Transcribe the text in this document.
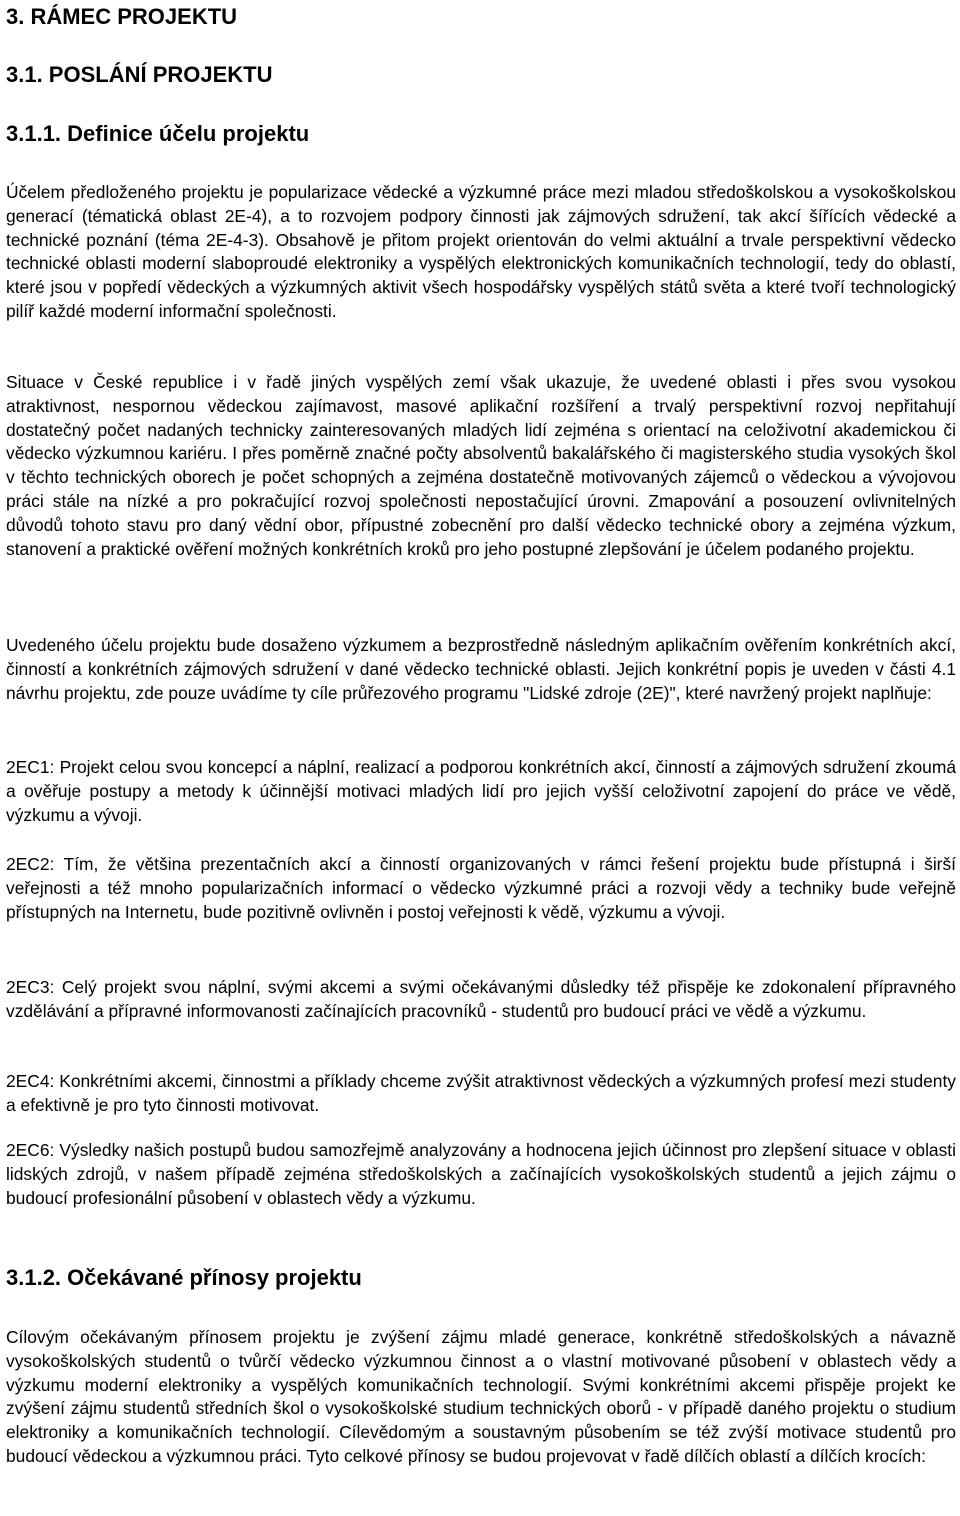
3. RÁMEC PROJEKTU
3.1. POSLÁNÍ PROJEKTU
3.1.1. Definice účelu projektu

Účelem předloženého projektu je popularizace vědecké a výzkumné práce mezi mladou středoškolskou a vysokoškolskou generací (tématická oblast 2E-4), a to rozvojem podpory činnosti jak zájmových sdružení, tak akcí šířících vědecké a technické poznání (téma 2E-4-3). Obsahově je přitom projekt orientován do velmi aktuální a trvale perspektivní vědecko technické oblasti moderní slaboproudé elektroniky a vyspělých elektronických komunikačních technologií, tedy do oblastí, které jsou v popředí vědeckých a výzkumných aktivit všech hospodářsky vyspělých států světa a které tvoří technologický pilíř každé moderní informační společnosti.

Situace v České republice i v řadě jiných vyspělých zemí však ukazuje, že uvedené oblasti i přes svou vysokou atraktivnost, nespornou vědeckou zajímavost, masové aplikační rozšíření a trvalý perspektivní rozvoj nepřitahují dostatečný počet nadaných technicky zainteresovaných mladých lidí zejména s orientací na celoživotní akademickou či vědecko výzkumnou kariéru. I přes poměrně značné počty absolventů bakalářského či magisterského studia vysokých škol v těchto technických oborech je počet schopných a zejména dostatečně motivovaných zájemců o vědeckou a vývojovou práci stále na nízké a pro pokračující rozvoj společnosti nepostačující úrovni. Zmapování a posouzení ovlivnitelných důvodů tohoto stavu pro daný vědní obor, přípustné zobecnění pro další vědecko technické obory a zejména výzkum, stanovení a praktické ověření možných konkrétních kroků pro jeho postupné zlepšování je účelem podaného projektu.

Uvedeného účelu projektu bude dosaženo výzkumem a bezprostředně následným aplikačním ověřením konkrétních akcí, činností a konkrétních zájmových sdružení v dané vědecko technické oblasti. Jejich konkrétní popis je uveden v části 4.1 návrhu projektu, zde pouze uvádíme ty cíle průřezového programu "Lidské zdroje (2E)", které navržený projekt naplňuje:

2EC1: Projekt celou svou koncepcí a náplní, realizací a podporou konkrétních akcí, činností a zájmových sdružení zkoumá a ověřuje postupy a metody k účinnější motivaci mladých lidí pro jejich vyšší celoživotní zapojení do práce ve vědě, výzkumu a vývoji.

2EC2: Tím, že většina prezentačních akcí a činností organizovaných v rámci řešení projektu bude přístupná i širší veřejnosti a též mnoho popularizačních informací o vědecko výzkumné práci a rozvoji vědy a techniky bude veřejně přístupných na Internetu, bude pozitivně ovlivněn i postoj veřejnosti k vědě, výzkumu a vývoji.

2EC3: Celý projekt svou náplní, svými akcemi a svými očekávanými důsledky též přispěje ke zdokonalení přípravného vzdělávání a přípravné informovanosti začínajících pracovníků - studentů pro budoucí práci ve vědě a výzkumu.

2EC4: Konkrétními akcemi, činnostmi a příklady chceme zvýšit atraktivnost vědeckých a výzkumných profesí mezi studenty a efektivně je pro tyto činnosti motivovat.

2EC6: Výsledky našich postupů budou samozřejmě analyzovány a hodnocena jejich účinnost pro zlepšení situace v oblasti lidských zdrojů, v našem případě zejména středoškolských a začínajících vysokoškolských studentů a jejich zájmu o budoucí profesionální působení v oblastech vědy a výzkumu.

3.1.2. Očekávané přínosy projektu

Cílovým očekávaným přínosem projektu je zvýšení zájmu mladé generace, konkrétně středoškolských a návazně vysokoškolských studentů o tvůrčí vědecko výzkumnou činnost a o vlastní motivované působení v oblastech vědy a výzkumu moderní elektroniky a vyspělých komunikačních technologií. Svými konkrétními akcemi přispěje projekt ke zvýšení zájmu studentů středních škol o vysokoškolské studium technických oborů - v případě daného projektu o studium elektroniky a komunikačních technologií. Cílevědomým a soustavným působením se též zvýší motivace studentů pro budoucí vědeckou a výzkumnou práci. Tyto celkové přínosy se budou projevovat v řadě dílčích oblastí a dílčích krocích:
